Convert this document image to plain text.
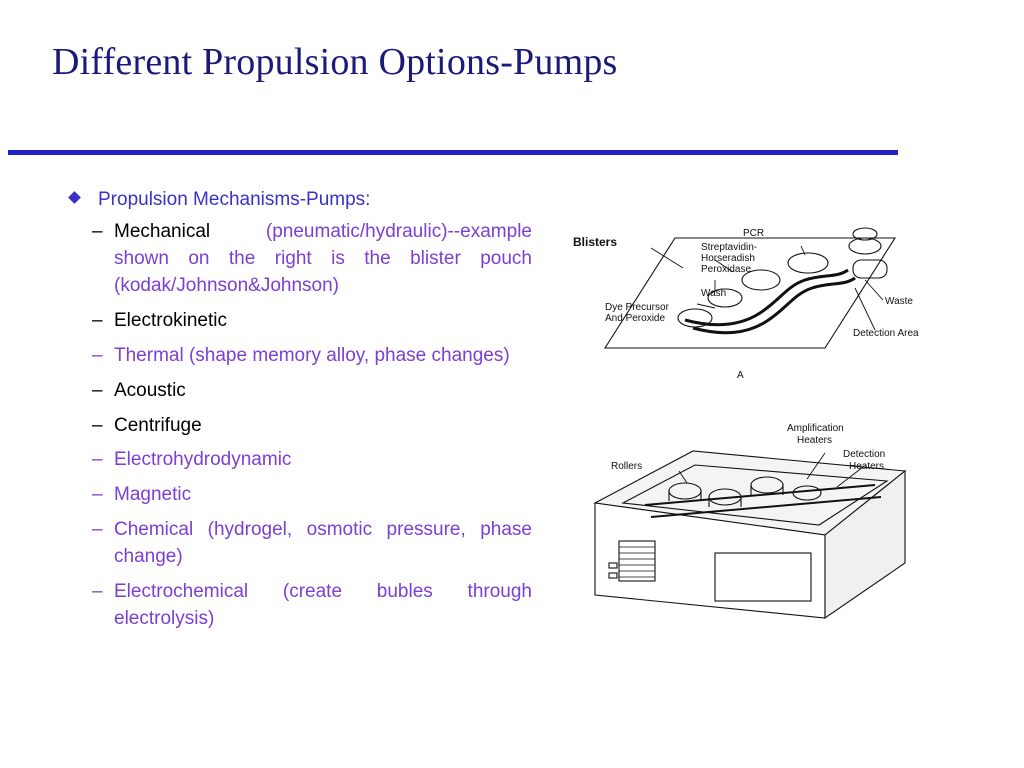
Different Propulsion Options-Pumps
Propulsion Mechanisms-Pumps:
– Mechanical	(pneumatic/hydraulic)--example shown on the right is the blister pouch (kodak/Johnson&Johnson)
– Electrokinetic
– Thermal (shape memory alloy, phase changes)
– Acoustic
– Centrifuge
– Electrohydrodynamic
– Magnetic
– Chemical (hydrogel, osmotic pressure, phase change)
– Electrochemical (create bubles through electrolysis)
Blisters
PCR
Streptavidin-
Horseradish
Peroxidase
Wash
Dye Precursor
And Peroxide
Waste
Detection Area
A
Rollers
Amplification
Heaters
Detection
Heaters
